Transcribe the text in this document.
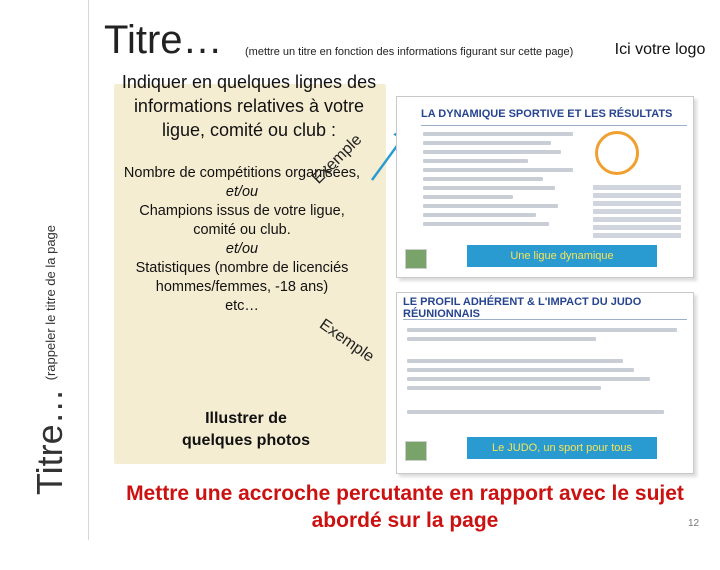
Titre…
(rappeler le titre de la page
Titre… (mettre un titre en fonction des informations figurant sur cette page)	Ici votre logo
Indiquer en quelques lignes des informations relatives à votre ligue, comité ou club :
Nombre de compétitions organisées,
et/ou
Champions issus de votre ligue, comité ou club.
et/ou
Statistiques (nombre de licenciés hommes/femmes, -18 ans)
etc…
Illustrer de quelques photos
Exemple
Exemple
LA DYNAMIQUE SPORTIVE ET LES RÉSULTATS
Une ligue dynamique
LE PROFIL ADHÉRENT & L'IMPACT DU JUDO RÉUNIONNAIS
Le JUDO, un sport pour tous
Mettre une accroche percutante en rapport avec le sujet abordé sur la page	12
